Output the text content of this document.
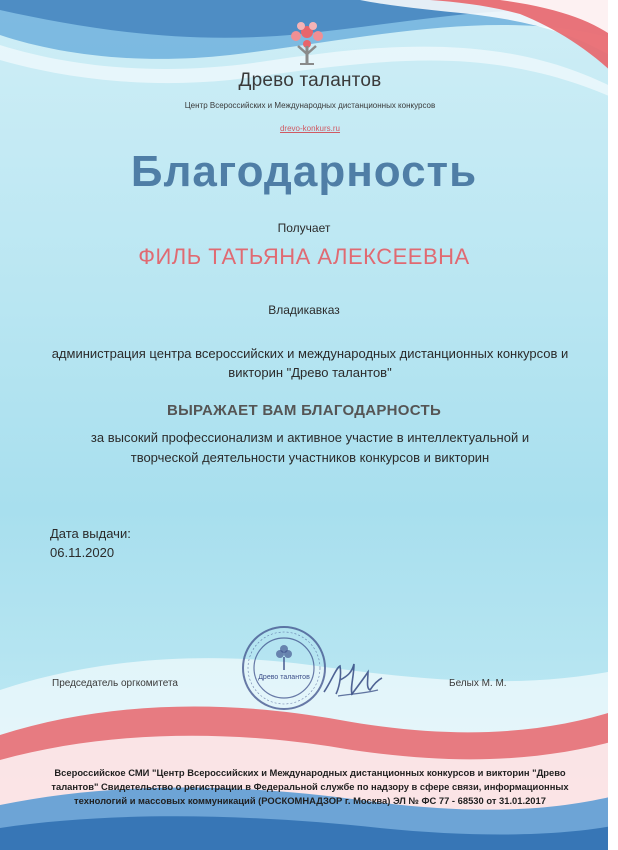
Древо талантов
Центр Всероссийских и Международных дистанционных конкурсов
drevo-konkurs.ru
Благодарность
Получает
ФИЛЬ ТАТЬЯНА АЛЕКСЕЕВНА
Владикавказ
администрация центра всероссийских и международных дистанционных конкурсов и викторин "Древо талантов"
ВЫРАЖАЕТ ВАМ БЛАГОДАРНОСТЬ
за высокий профессионализм и активное участие в интеллектуальной и творческой деятельности участников конкурсов и викторин
Дата выдачи:
06.11.2020
Председатель оргкомитета	Белых М. М.
Древо талантов
Всероссийское СМИ "Центр Всероссийских и Международных дистанционных конкурсов и викторин "Древо талантов" Свидетельство о регистрации в Федеральной службе по надзору в сфере связи, информационных технологий и массовых коммуникаций (РОСКОМНАДЗОР г. Москва) ЭЛ № ФС 77 - 68530 от 31.01.2017
